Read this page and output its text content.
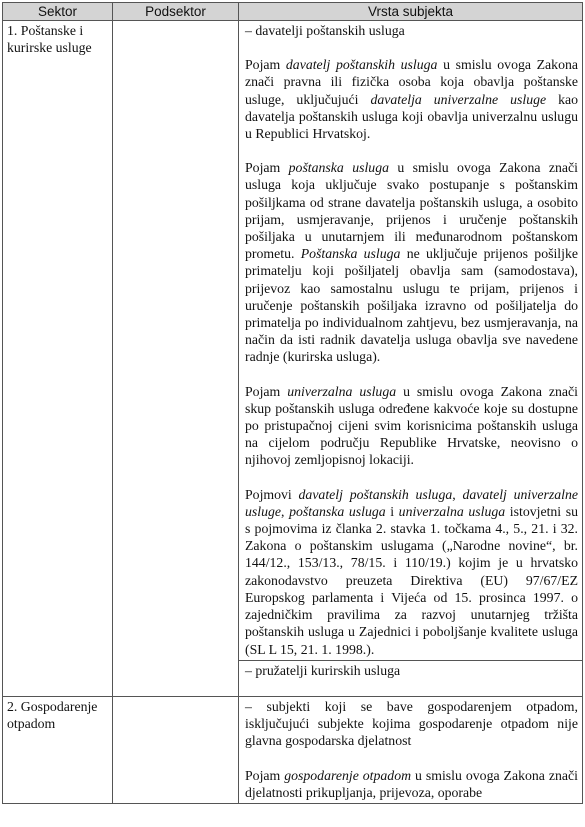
Sektor	Podsektor	Vrsta subjekta
1. Poštanske i kurirske usluge		– davatelji poštanskih usluga

Pojam davatelj poštanskih usluga u smislu ovoga Zakona znači pravna ili fizička osoba koja obavlja poštanske usluge, uključujući davatelja univerzalne usluge kao davatelja poštanskih usluga koji obavlja univerzalnu uslugu u Republici Hrvatskoj.

Pojam poštanska usluga u smislu ovoga Zakona znači usluga koja uključuje svako postupanje s poštanskim pošiljkama od strane davatelja poštanskih usluga, a osobito prijam, usmjeravanje, prijenos i uručenje poštanskih pošiljaka u unutarnjem ili međunarodnom poštanskom prometu. Poštanska usluga ne uključuje prijenos pošiljke primatelju koji pošiljatelj obavlja sam (samodostava), prijevoz kao samostalnu uslugu te prijam, prijenos i uručenje poštanskih pošiljaka izravno od pošiljatelja do primatelja po individualnom zahtjevu, bez usmjeravanja, na način da isti radnik davatelja usluga obavlja sve navedene radnje (kurirska usluga).

Pojam univerzalna usluga u smislu ovoga Zakona znači skup poštanskih usluga određene kakvoće koje su dostupne po pristupačnoj cijeni svim korisnicima poštanskih usluga na cijelom području Republike Hrvatske, neovisno o njihovoj zemljopisnoj lokaciji.

Pojmovi davatelj poštanskih usluga, davatelj univerzalne usluge, poštanska usluga i univerzalna usluga istovjetni su s pojmovima iz članka 2. stavka 1. točkama 4., 5., 21. i 32. Zakona o poštanskim uslugama („Narodne novine“, br. 144/12., 153/13., 78/15. i 110/19.) kojim je u hrvatsko zakonodavstvo preuzeta Direktiva (EU) 97/67/EZ Europskog parlamenta i Vijeća od 15. prosinca 1997. o zajedničkim pravilima za razvoj unutarnjeg tržišta poštanskih usluga u Zajednici i poboljšanje kvalitete usluga (SL L 15, 21. 1. 1998.).

		– pružatelji kurirskih usluga

2. Gospodarenje otpadom		– subjekti koji se bave gospodarenjem otpadom, isključujući subjekte kojima gospodarenje otpadom nije glavna gospodarska djelatnost

Pojam gospodarenje otpadom u smislu ovoga Zakona znači djelatnosti prikupljanja, prijevoza, oporabe
